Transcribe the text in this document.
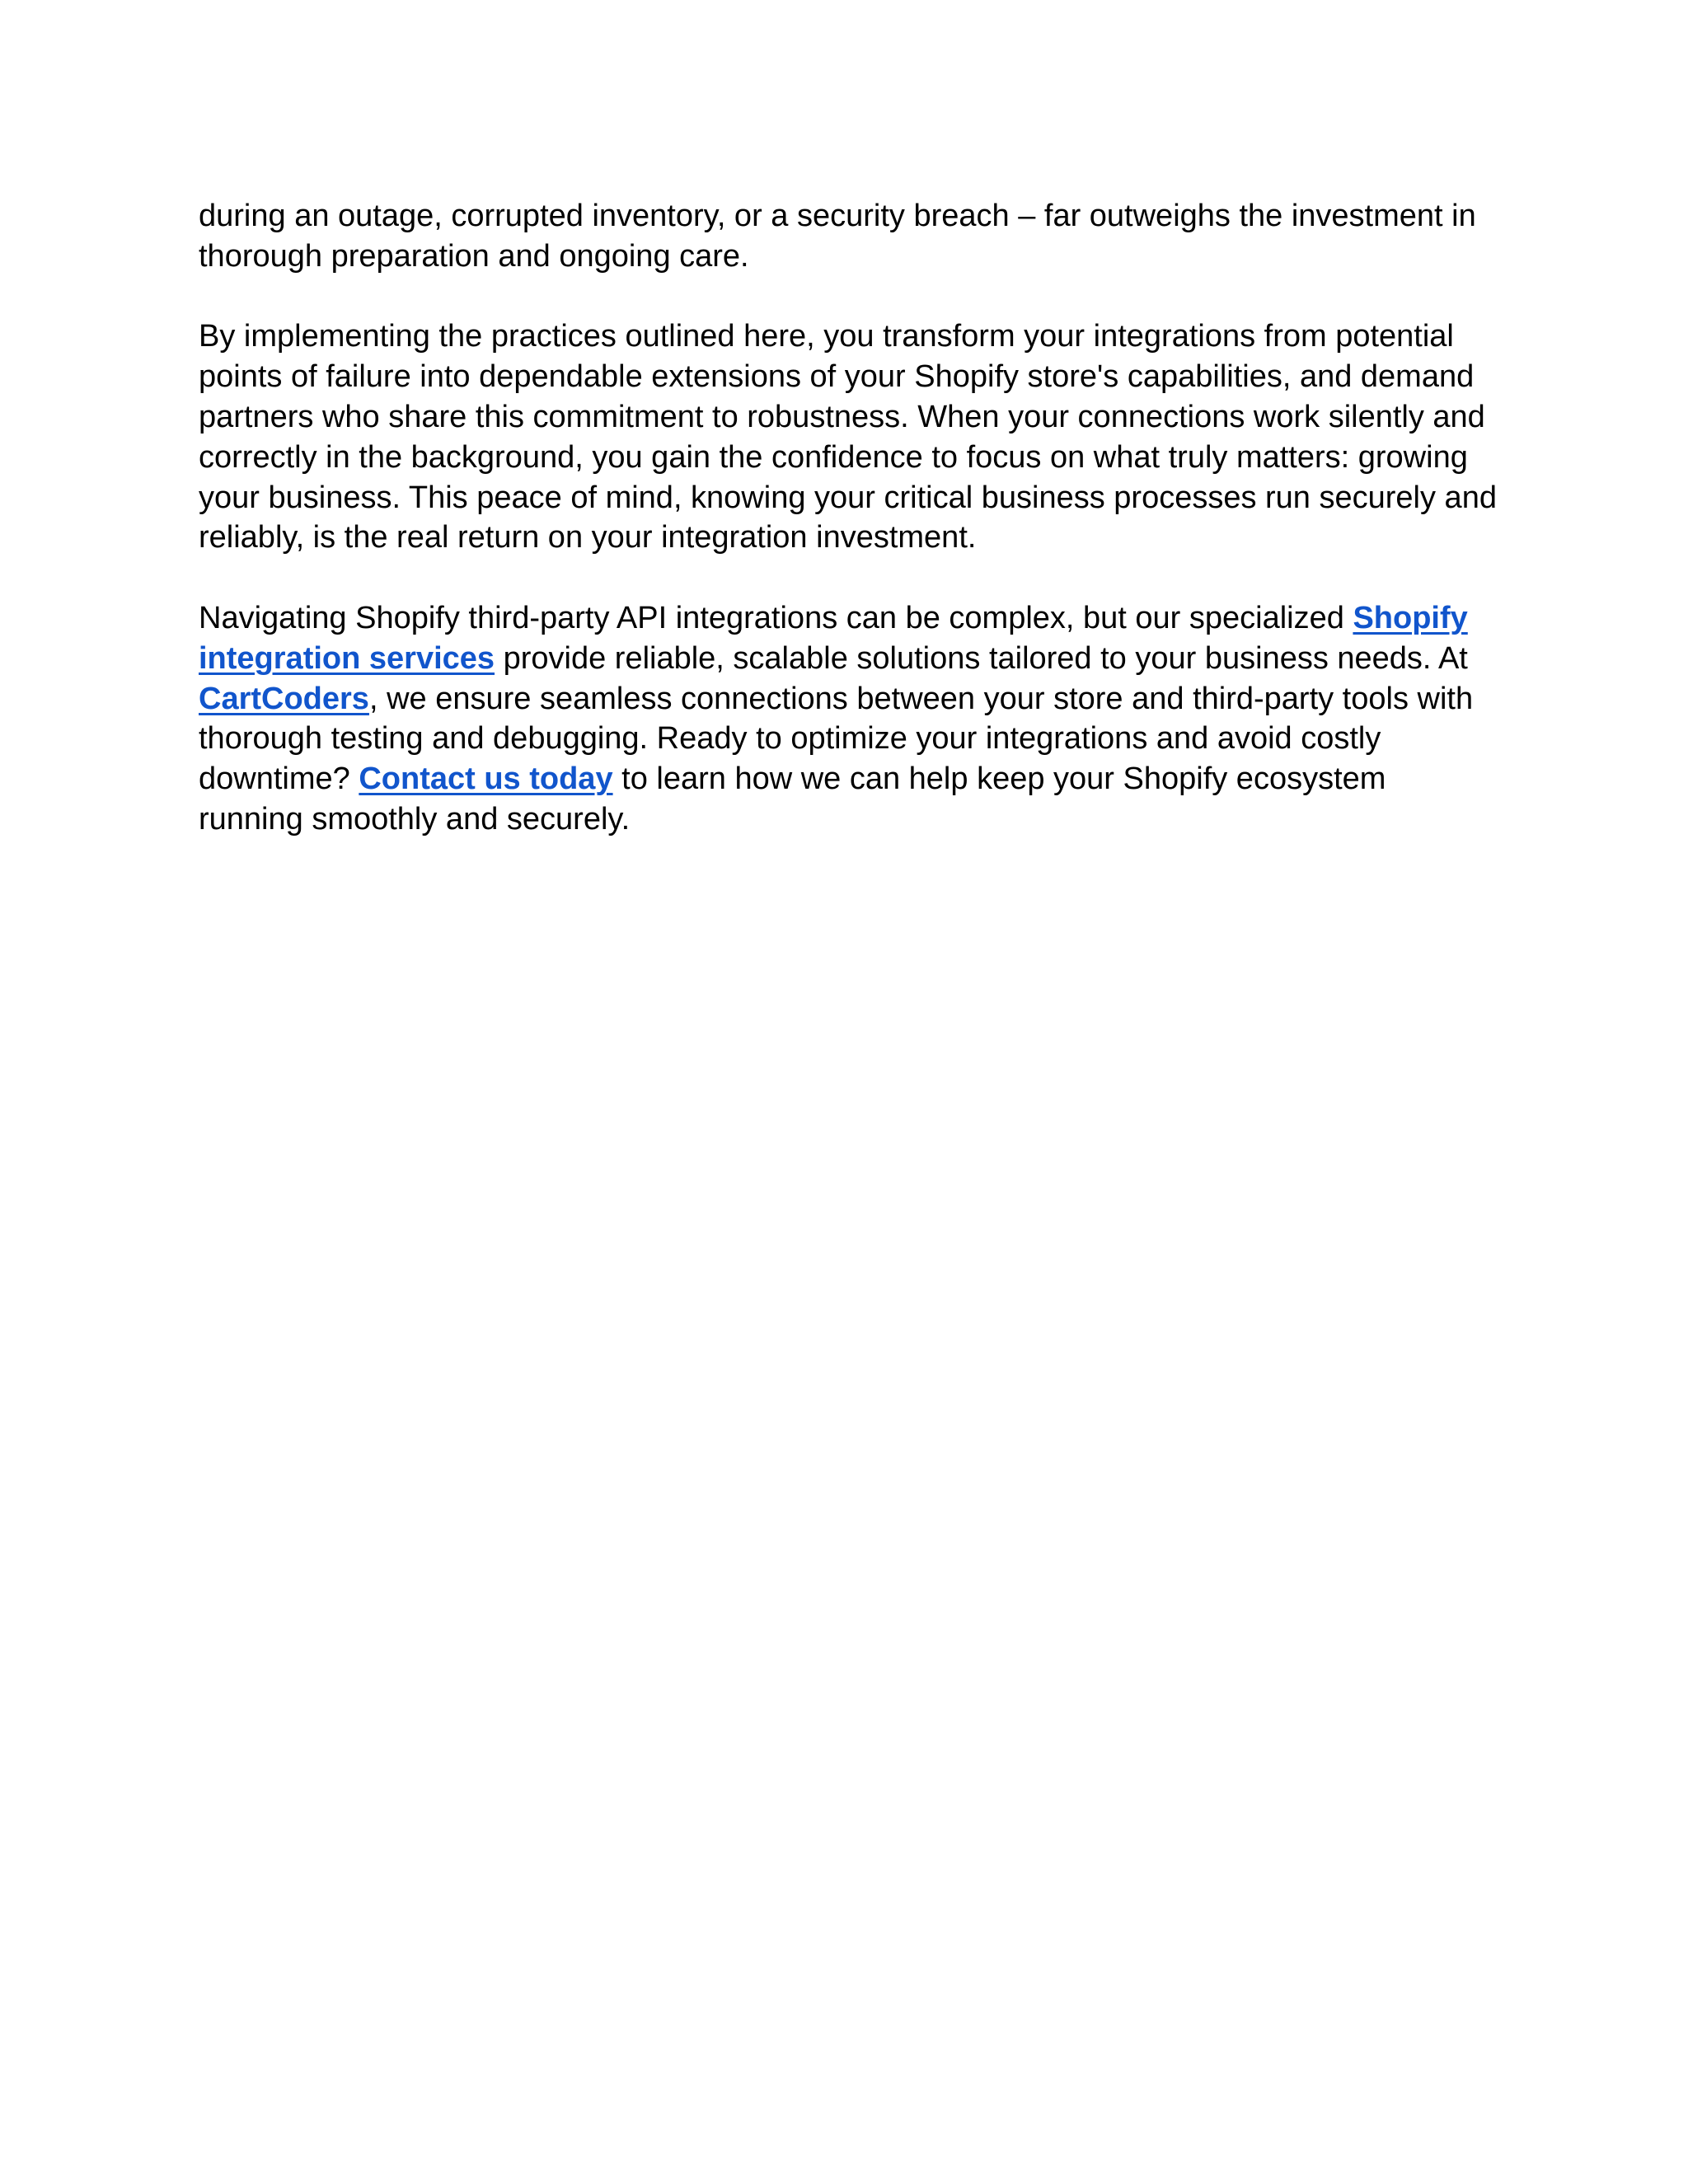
during an outage, corrupted inventory, or a security breach – far outweighs the investment in thorough preparation and ongoing care.

By implementing the practices outlined here, you transform your integrations from potential points of failure into dependable extensions of your Shopify store's capabilities, and demand partners who share this commitment to robustness. When your connections work silently and correctly in the background, you gain the confidence to focus on what truly matters: growing your business. This peace of mind, knowing your critical business processes run securely and reliably, is the real return on your integration investment.

Navigating Shopify third-party API integrations can be complex, but our specialized Shopify integration services provide reliable, scalable solutions tailored to your business needs. At CartCoders, we ensure seamless connections between your store and third-party tools with thorough testing and debugging. Ready to optimize your integrations and avoid costly downtime? Contact us today to learn how we can help keep your Shopify ecosystem running smoothly and securely.
